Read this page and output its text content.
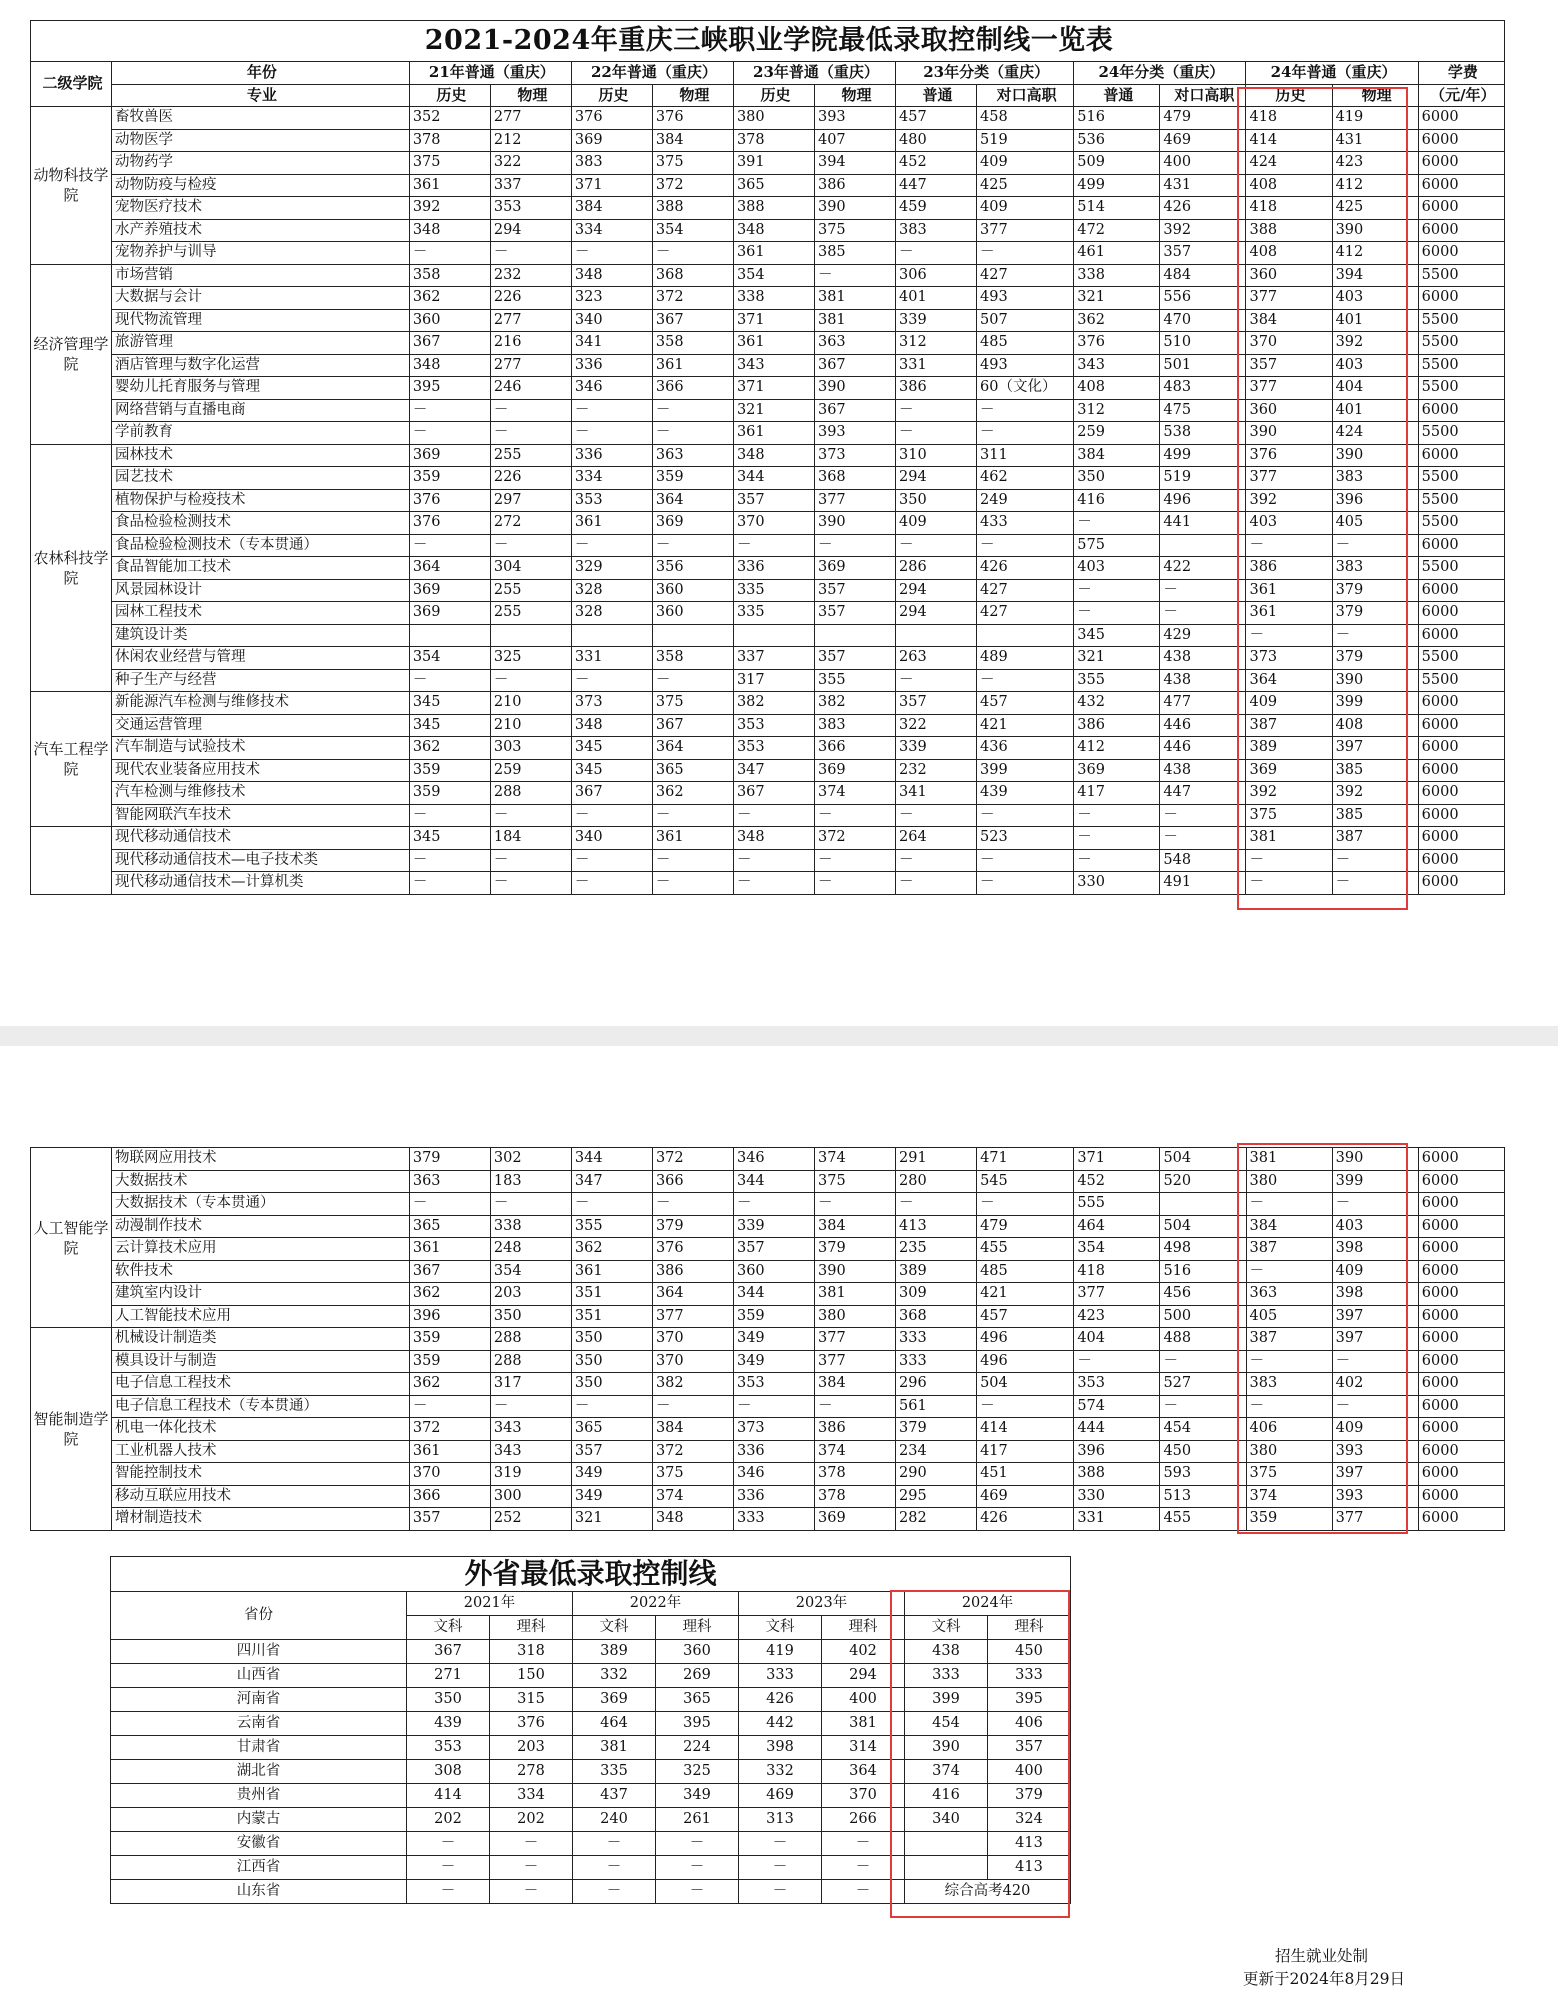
2021-2024年重庆三峡职业学院最低录取控制线一览表														
二级学院	年份	21年普通（重庆）		22年普通（重庆）		23年普通（重庆）		23年分类（重庆）		24年分类（重庆）		24年普通（重庆）		学费
	专业	历史	物理	历史	物理	历史	物理	普通	对口高职	普通	对口高职	历史	物理	（元/年）
动物科技学院	畜牧兽医	352	277	376	376	380	393	457	458	516	479	418	419	6000
	动物医学	378	212	369	384	378	407	480	519	536	469	414	431	6000
	动物药学	375	322	383	375	391	394	452	409	509	400	424	423	6000
	动物防疫与检疫	361	337	371	372	365	386	447	425	499	431	408	412	6000
	宠物医疗技术	392	353	384	388	388	390	459	409	514	426	418	425	6000
	水产养殖技术	348	294	334	354	348	375	383	377	472	392	388	390	6000
	宠物养护与训导	－	－	－	－	361	385	－	－	461	357	408	412	6000
经济管理学院	市场营销	358	232	348	368	354	－	306	427	338	484	360	394	5500
	大数据与会计	362	226	323	372	338	381	401	493	321	556	377	403	6000
	现代物流管理	360	277	340	367	371	381	339	507	362	470	384	401	5500
	旅游管理	367	216	341	358	361	363	312	485	376	510	370	392	5500
	酒店管理与数字化运营	348	277	336	361	343	367	331	493	343	501	357	403	5500
	婴幼儿托育服务与管理	395	246	346	366	371	390	386	60（文化）	408	483	377	404	5500
	网络营销与直播电商	－	－	－	－	321	367	－	－	312	475	360	401	6000
	学前教育	－	－	－	－	361	393	－	－	259	538	390	424	5500
农林科技学院	园林技术	369	255	336	363	348	373	310	311	384	499	376	390	6000
	园艺技术	359	226	334	359	344	368	294	462	350	519	377	383	5500
	植物保护与检疫技术	376	297	353	364	357	377	350	249	416	496	392	396	5500
	食品检验检测技术	376	272	361	369	370	390	409	433	－	441	403	405	5500
	食品检验检测技术（专本贯通）	－	－	－	－	－	－	－	－	575		－	－	6000
	食品智能加工技术	364	304	329	356	336	369	286	426	403	422	386	383	5500
	风景园林设计	369	255	328	360	335	357	294	427	－	－	361	379	6000
	园林工程技术	369	255	328	360	335	357	294	427	－	－	361	379	6000
	建筑设计类									345	429	－	－	6000
	休闲农业经营与管理	354	325	331	358	337	357	263	489	321	438	373	379	5500
	种子生产与经营	－	－	－	－	317	355	－	－	355	438	364	390	5500
汽车工程学院	新能源汽车检测与维修技术	345	210	373	375	382	382	357	457	432	477	409	399	6000
	交通运营管理	345	210	348	367	353	383	322	421	386	446	387	408	6000
	汽车制造与试验技术	362	303	345	364	353	366	339	436	412	446	389	397	6000
	现代农业装备应用技术	359	259	345	365	347	369	232	399	369	438	369	385	6000
	汽车检测与维修技术	359	288	367	362	367	374	341	439	417	447	392	392	6000
	智能网联汽车技术	－	－	－	－	－	－	－	－	－	－	375	385	6000
	现代移动通信技术	345	184	340	361	348	372	264	523	－	－	381	387	6000
	现代移动通信技术—电子技术类	－	－	－	－	－	－	－	－	－	548	－	－	6000
	现代移动通信技术—计算机类	－	－	－	－	－	－	－	－	330	491	－	－	6000
人工智能学院	物联网应用技术	379	302	344	372	346	374	291	471	371	504	381	390	6000
	大数据技术	363	183	347	366	344	375	280	545	452	520	380	399	6000
	大数据技术（专本贯通）	－	－	－	－	－	－	－	－	555		－	－	6000
	动漫制作技术	365	338	355	379	339	384	413	479	464	504	384	403	6000
	云计算技术应用	361	248	362	376	357	379	235	455	354	498	387	398	6000
	软件技术	367	354	361	386	360	390	389	485	418	516	－	409	6000
	建筑室内设计	362	203	351	364	344	381	309	421	377	456	363	398	6000
	人工智能技术应用	396	350	351	377	359	380	368	457	423	500	405	397	6000
智能制造学院	机械设计制造类	359	288	350	370	349	377	333	496	404	488	387	397	6000
	模具设计与制造	359	288	350	370	349	377	333	496	－	－	－	－	6000
	电子信息工程技术	362	317	350	382	353	384	296	504	353	527	383	402	6000
	电子信息工程技术（专本贯通）	－	－	－	－	－	－	561	－	574	－	－	－	6000
	机电一体化技术	372	343	365	384	373	386	379	414	444	454	406	409	6000
	工业机器人技术	361	343	357	372	336	374	234	417	396	450	380	393	6000
	智能控制技术	370	319	349	375	346	378	290	451	388	593	375	397	6000
	移动互联应用技术	366	300	349	374	336	378	295	469	330	513	374	393	6000
	增材制造技术	357	252	321	348	333	369	282	426	331	455	359	377	6000
外省最低录取控制线								
省份	2021年		2022年		2023年		2024年	
	文科	理科	文科	理科	文科	理科	文科	理科
四川省	367	318	389	360	419	402	438	450
山西省	271	150	332	269	333	294	333	333
河南省	350	315	369	365	426	400	399	395
云南省	439	376	464	395	442	381	454	406
甘肃省	353	203	381	224	398	314	390	357
湖北省	308	278	335	325	332	364	374	400
贵州省	414	334	437	349	469	370	416	379
内蒙古	202	202	240	261	313	266	340	324
安徽省	－	－	－	－	－	－		413
江西省	－	－	－	－	－	－		413
山东省	－	－	－	－	－	－	综合高考420	
招生就业处制
更新于2024年8月29日
